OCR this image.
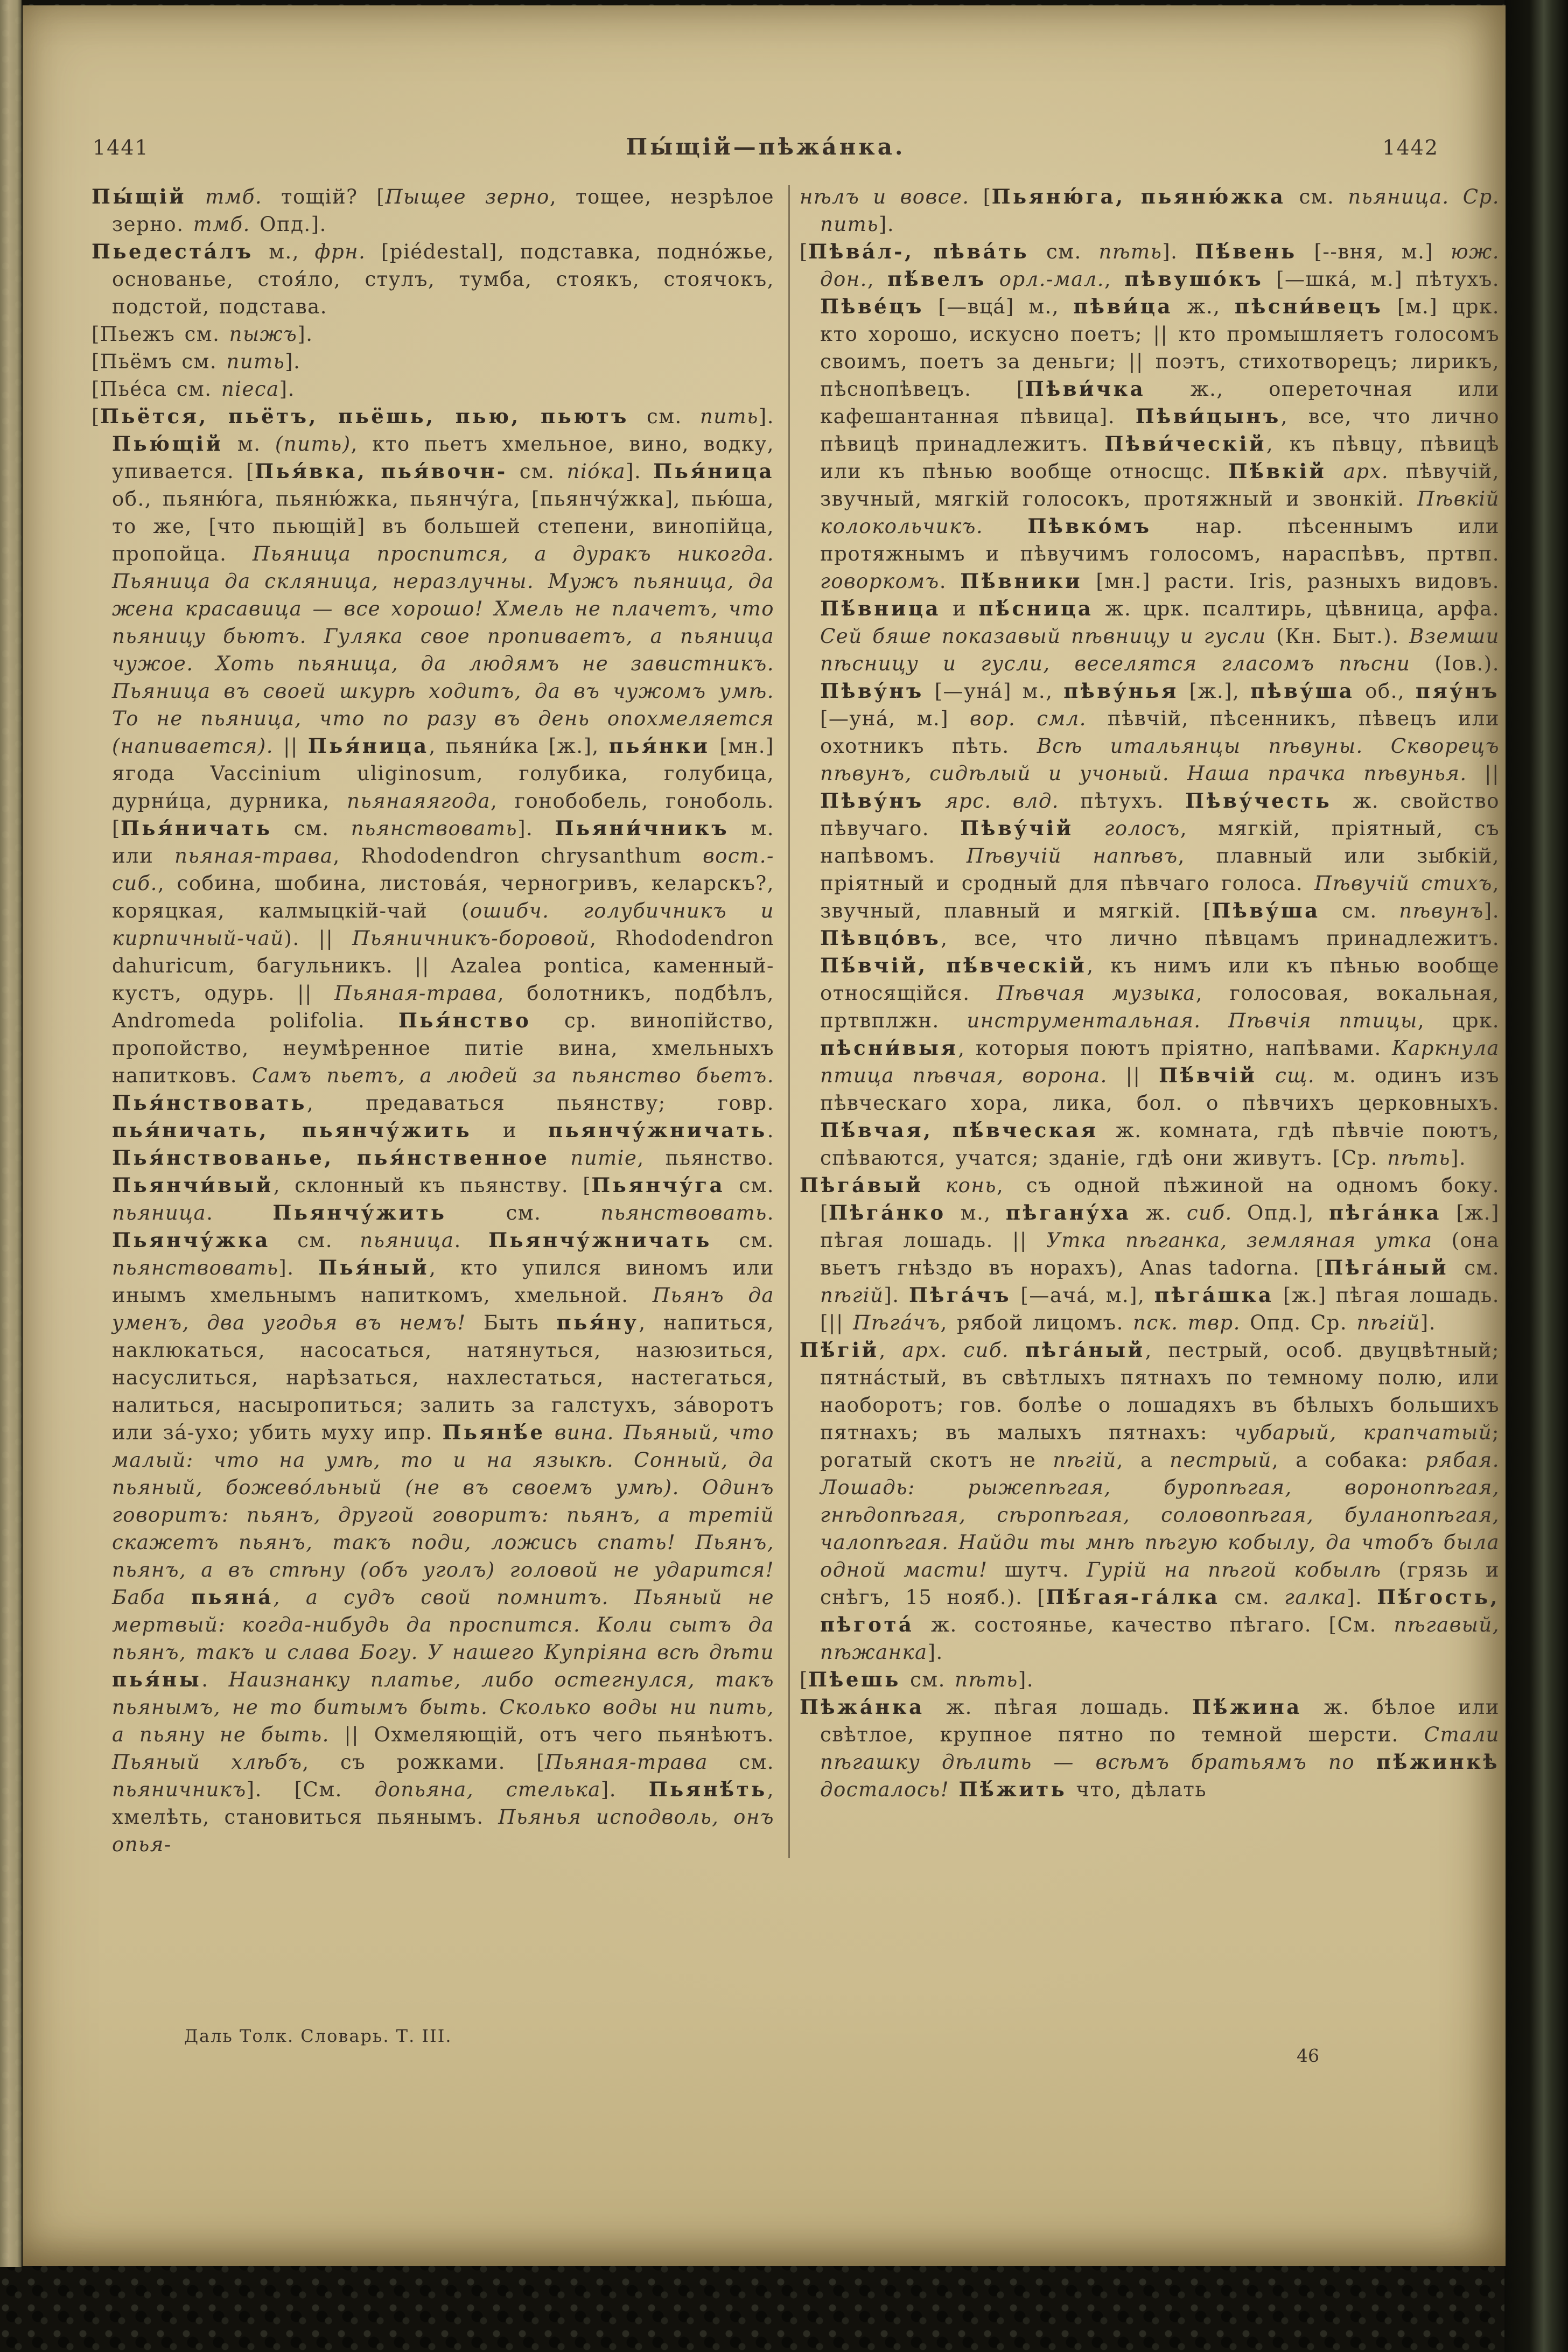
1441	Пы́щій—пѣжа́нка.	1442

Пы́щій тмб. тощій? [Пыщее зерно, тощее, незрѣлое зерно. тмб. Опд.].

Пьедеста́лъ м., фрн. [piédestal], подставка, подно́жье, основанье, стоя́ло, стулъ, тумба, стоякъ, стоячокъ, подстой, подстава.

[Пьежъ см. пыжъ].

[Пьёмъ см. пить].

[Пье́са см. пiеса].

[Пьётся, пьётъ, пьёшь, пью, пьютъ см. пить]. Пью́щій м. (пить), кто пьетъ хмельное, вино, водку, упивается. [Пья́вка, пья́вочн- см. піо́ка]. Пья́ница об., пьяню́га, пьяню́жка, пьянчу́га, [пьянчу́жка], пью́ша, то же, [что пьющій] въ большей степени, винопійца, пропойца. Пьяница проспится, а дуракъ никогда. Пьяница да скляница, неразлучны. Мужъ пьяница, да жена красавица — все хорошо! Хмель не плачетъ, что пьяницу бьютъ. Гуляка свое пропиваетъ, а пьяница чужое. Хоть пьяница, да людямъ не завистникъ. Пьяница въ своей шкурѣ ходитъ, да въ чужомъ умѣ. То не пьяница, что по разу въ день опохмеляется (напивается). || Пья́ница, пьяни́ка [ж.], пья́нки [мн.] ягода Vaccinium uliginosum, голубика, голубица, дурни́ца, дурника, пьянаяягода, гонобобель, гоноболь. [Пья́ничать см. пьянствовать]. Пьяни́чникъ м. или пьяная-трава, Rhododendron chrysanthum вост.-сиб., собина, шобина, листова́я, черногривъ, келарскъ?, коряцкая, калмыцкій-чай (ошибч. голубичникъ и кирпичный-чай). || Пьяничникъ-боровой, Rhododendron dahuricum, багульникъ. || Azalea pontica, каменный-кустъ, одурь. || Пьяная-трава, болотникъ, подбѣлъ, Andromeda polifolia. Пья́нство ср. винопійство, пропойство, неумѣренное питіе вина, хмельныхъ напитковъ. Самъ пьетъ, а людей за пьянство бьетъ. Пья́нствовать, предаваться пьянству; говр. пья́ничать, пьянчу́жить и пьянчу́жничать. Пья́нствованье, пья́нственное питіе, пьянство. Пьянчи́вый, склонный къ пьянству. [Пьянчу́га см. пьяница. Пьянчу́жить см. пьянствовать. Пьянчу́жка см. пьяница. Пьянчу́жничать см. пьянствовать]. Пья́ный, кто упился виномъ или инымъ хмельнымъ напиткомъ, хмельной. Пьянъ да уменъ, два угодья въ немъ! Быть пья́ну, напиться, наклюкаться, насосаться, натянуться, назюзиться, насуслиться, нарѣзаться, нахлестаться, настегаться, налиться, насыропиться; залить за галстухъ, за́воротъ или за́-ухо; убить муху ипр. Пьянѣ́е вина. Пьяный, что малый: что на умѣ, то и на языкѣ. Сонный, да пьяный, божево́льный (не въ своемъ умѣ). Одинъ говоритъ: пьянъ, другой говоритъ: пьянъ, а третій скажетъ пьянъ, такъ поди, ложись спать! Пьянъ, пьянъ, а въ стѣну (объ уголъ) головой не ударится! Баба пьяна́, а судъ свой помнитъ. Пьяный не мертвый: когда-нибудь да проспится. Коли сытъ да пьянъ, такъ и слава Богу. У нашего Купріяна всѣ дѣти пья́ны. Наизнанку платье, либо остегнулся, такъ пьянымъ, не то битымъ быть. Сколько воды ни пить, а пьяну не быть. || Охмеляющій, отъ чего пьянѣютъ. Пьяный хлѣбъ, съ рожками. [Пьяная-трава см. пьяничникъ]. [См. допьяна, стелька]. Пьянѣ́ть, хмелѣть, становиться пьянымъ. Пьянья исподволь, онъ опья-

нѣлъ и вовсе. [Пьяню́га, пьяню́жка см. пьяница. Ср. пить].

[Пѣва́л-, пѣва́ть см. пѣть]. Пѣ́вень [--вня, м.] юж. дон., пѣ́велъ орл.-мал., пѣвушо́къ [—шка́, м.] пѣтухъ. Пѣве́цъ [—вца́] м., пѣви́ца ж., пѣсни́вецъ [м.] црк. кто хорошо, искусно поетъ; || кто промышляетъ голосомъ своимъ, поетъ за деньги; || поэтъ, стихотворецъ; лирикъ, пѣснопѣвецъ. [Пѣви́чка ж., опереточная или кафешантанная пѣвица]. Пѣви́цынъ, все, что лично пѣвицѣ принадлежитъ. Пѣви́ческій, къ пѣвцу, пѣвицѣ или къ пѣнью вообще относщс. Пѣ́вкій арх. пѣвучій, звучный, мягкій голосокъ, протяжный и звонкій. Пѣвкій колокольчикъ. Пѣвко́мъ нар. пѣсеннымъ или протяжнымъ и пѣвучимъ голосомъ, нараспѣвъ, пртвп. говоркомъ. Пѣ́вники [мн.] расти. Iris, разныхъ видовъ. Пѣ́вница и пѣ́сница ж. црк. псалтирь, цѣвница, арфа. Сей бяше показавый пѣвницу и гусли (Кн. Быт.). Вземши пѣсницу и гусли, веселятся гласомъ пѣсни (Іов.). Пѣву́нъ [—уна́] м., пѣву́нья [ж.], пѣву́ша об., пяу́нъ [—уна́, м.] вор. смл. пѣвчій, пѣсенникъ, пѣвецъ или охотникъ пѣть. Всѣ итальянцы пѣвуны. Скворецъ пѣвунъ, сидѣлый и учоный. Наша прачка пѣвунья. || Пѣву́нъ ярс. влд. пѣтухъ. Пѣву́честь ж. свойство пѣвучаго. Пѣву́чій голосъ, мягкій, пріятный, съ напѣвомъ. Пѣвучій напѣвъ, плавный или зыбкій, пріятный и сродный для пѣвчаго голоса. Пѣвучій стихъ, звучный, плавный и мягкій. [Пѣву́ша см. пѣвунъ]. Пѣвцо́въ, все, что лично пѣвцамъ принадлежитъ. Пѣ́вчій, пѣ́вческій, къ нимъ или къ пѣнью вообще относящійся. Пѣвчая музыка, голосовая, вокальная, пртвплжн. инструментальная. Пѣвчія птицы, црк. пѣсни́выя, которыя поютъ пріятно, напѣвами. Каркнула птица пѣвчая, ворона. || Пѣ́вчій сщ. м. одинъ изъ пѣвческаго хора, лика, бол. о пѣвчихъ церковныхъ. Пѣ́вчая, пѣ́вческая ж. комната, гдѣ пѣвчіе поютъ, спѣваются, учатся; зданіе, гдѣ они живутъ. [Ср. пѣть].

Пѣга́вый конь, съ одной пѣжиной на одномъ боку. [Пѣга́нко м., пѣгану́ха ж. сиб. Опд.], пѣга́нка [ж.] пѣгая лошадь. || Утка пѣганка, земляная утка (она вьетъ гнѣздо въ норахъ), Anas tadorna. [Пѣга́ный см. пѣгій]. Пѣга́чъ [—ача́, м.], пѣга́шка [ж.] пѣгая лошадь. [|| Пѣга́чъ, рябой лицомъ. пск. твр. Опд. Ср. пѣгій].

Пѣ́гій, арх. сиб. пѣга́ный, пестрый, особ. двуцвѣтный; пятна́стый, въ свѣтлыхъ пятнахъ по темному полю, или наоборотъ; гов. болѣе о лошадяхъ въ бѣлыхъ большихъ пятнахъ; въ малыхъ пятнахъ: чубарый, крапчатый; рогатый скотъ не пѣгій, а пестрый, а собака: рябая. Лошадь: рыжепѣгая, буропѣгая, воронопѣгая, гнѣдопѣгая, сѣропѣгая, соловопѣгая, буланопѣгая, чалопѣгая. Найди ты мнѣ пѣгую кобылу, да чтобъ была одной масти! шутч. Гурій на пѣгой кобылѣ (грязь и снѣгъ, 15 нояб.). [Пѣ́гая-га́лка см. галка]. Пѣ́гость, пѣгота́ ж. состоянье, качество пѣгаго. [См. пѣгавый, пѣжанка].

[Пѣешь см. пѣть].

Пѣжа́нка ж. пѣгая лошадь. Пѣ́жина ж. бѣлое или свѣтлое, крупное пятно по темной шерсти. Стали пѣгашку дѣлить — всѣмъ братьямъ по пѣ́жинкѣ досталось! Пѣ́жить что, дѣлать

Даль Толк. Словарь. Т. III.
46
